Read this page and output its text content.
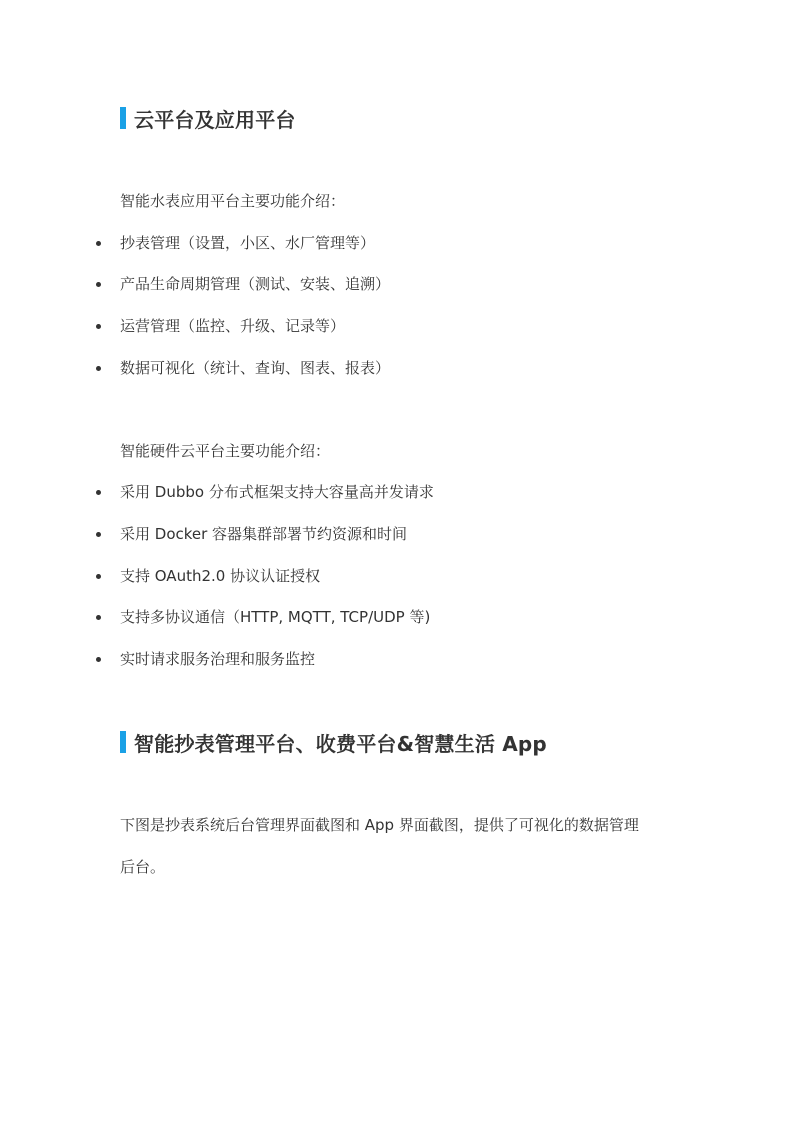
云平台及应用平台
智能水表应用平台主要功能介绍：
抄表管理（设置，小区、水厂管理等）
产品生命周期管理（测试、安装、追溯）
运营管理（监控、升级、记录等）
数据可视化（统计、查询、图表、报表）
智能硬件云平台主要功能介绍：
采用 Dubbo 分布式框架支持大容量高并发请求
采用 Docker 容器集群部署节约资源和时间
支持 OAuth2.0 协议认证授权
支持多协议通信（HTTP, MQTT, TCP/UDP 等)
实时请求服务治理和服务监控
智能抄表管理平台、收费平台&智慧生活 App
下图是抄表系统后台管理界面截图和 App 界面截图，提供了可视化的数据管理
后台。
